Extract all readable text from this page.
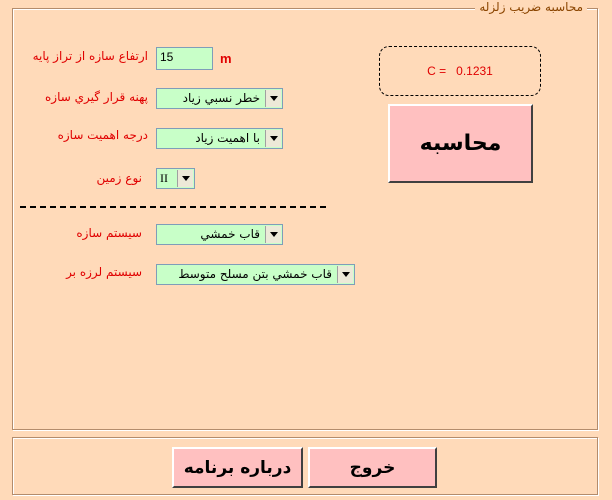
محاسبه ضریب زلزله
ارتفاع سازه از تراز پايه	15	m
پهنه قرار گيري سازه	خطر نسبي زياد
درجه اهميت سازه	با اهميت زياد
نوع زمين II
سيستم سازه	قاب خمشي
سيستم لرزه بر	قاب خمشي بتن مسلح متوسط
C = 0.1231
محاسبه
درباره برنامه	خروج
